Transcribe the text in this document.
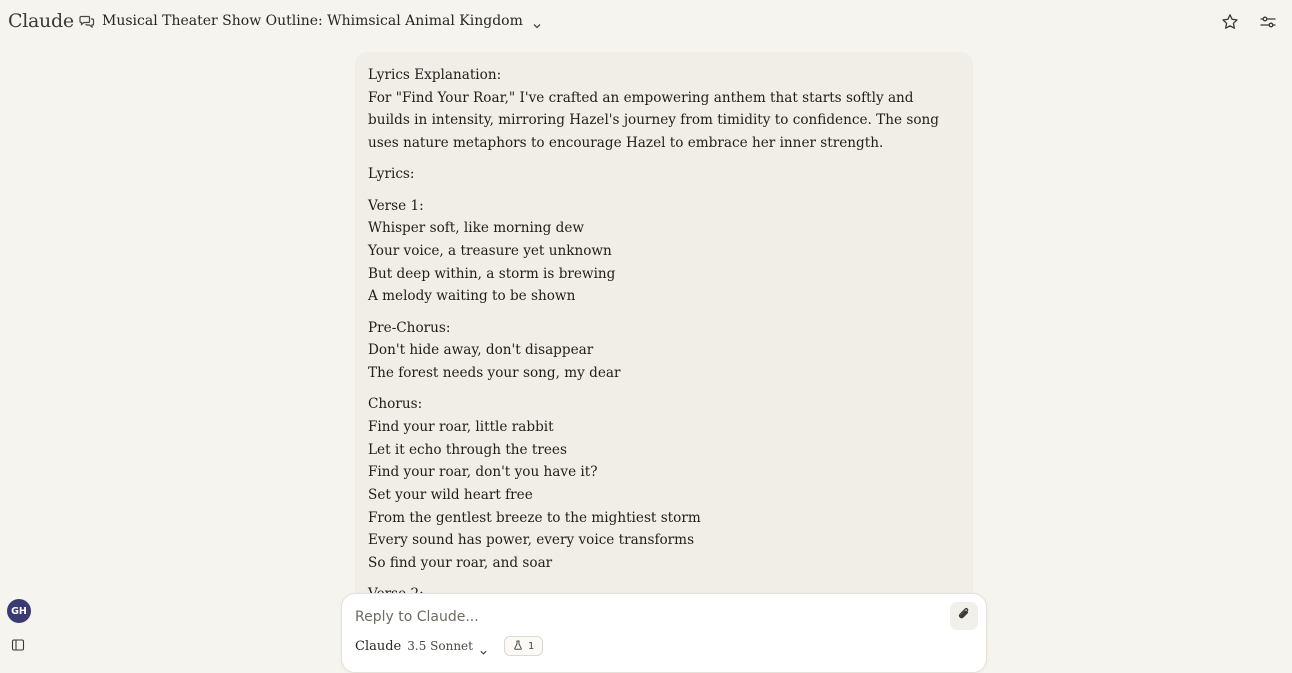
Claude Musical Theater Show Outline: Whimsical Animal Kingdom

Lyrics Explanation:
For "Find Your Roar," I've crafted an empowering anthem that starts softly and builds in intensity, mirroring Hazel's journey from timidity to confidence. The song uses nature metaphors to encourage Hazel to embrace her inner strength.

Lyrics:

Verse 1:
Whisper soft, like morning dew
Your voice, a treasure yet unknown
But deep within, a storm is brewing
A melody waiting to be shown

Pre-Chorus:
Don't hide away, don't disappear
The forest needs your song, my dear

Chorus:
Find your roar, little rabbit
Let it echo through the trees
Find your roar, don't you have it?
Set your wild heart free
From the gentlest breeze to the mightiest storm
Every sound has power, every voice transforms
So find your roar, and soar

Reply to Claude...
Claude 3.5 Sonnet	1
GH
